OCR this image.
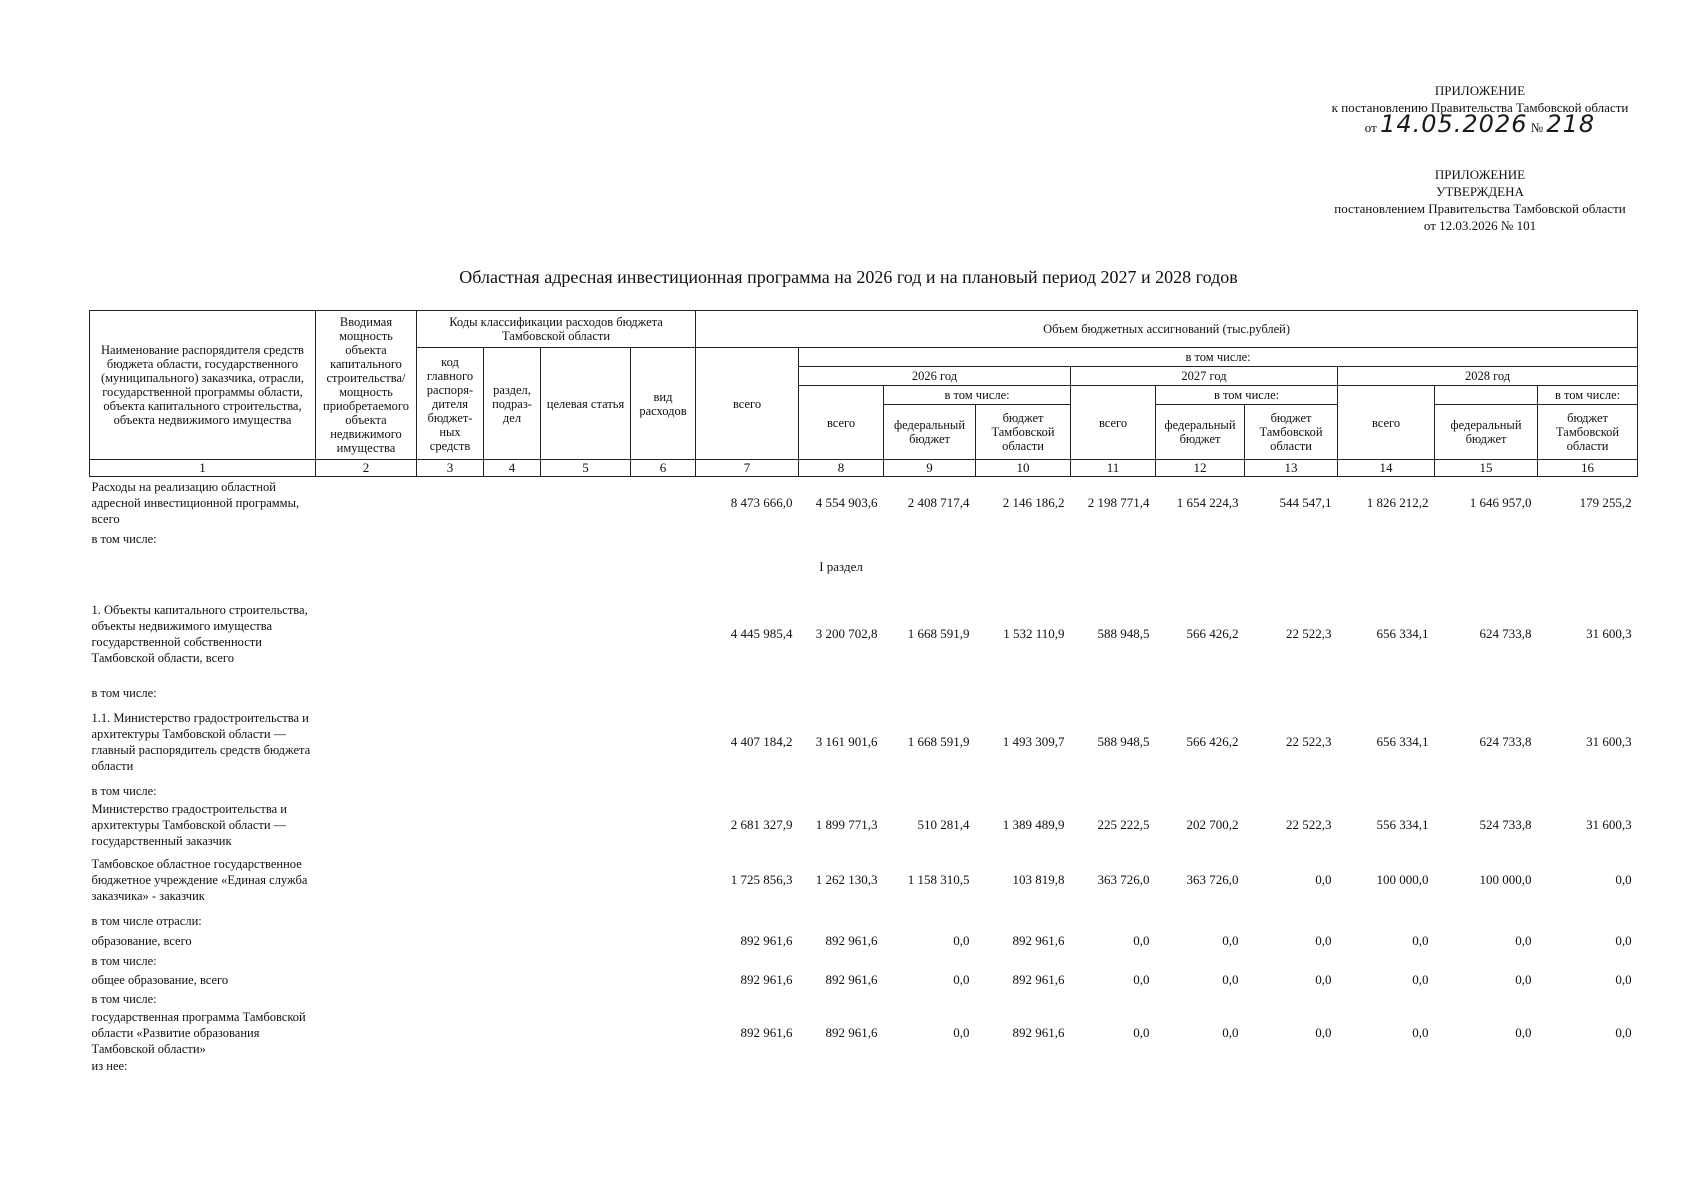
ПРИЛОЖЕНИЕ
к постановлению Правительства Тамбовской области
от 14.05.2026 № 218
ПРИЛОЖЕНИЕ
УТВЕРЖДЕНА
постановлением Правительства Тамбовской области
от 12.03.2026 № 101
Областная адресная инвестиционная программа на 2026 год и на плановый период 2027 и 2028 годов
Наименование распорядителя средств бюджета области, государственного (муниципального) заказчика, отрасли, государственной программы области, объекта капитального строительства, объекта недвижимого имущества	Вводимая мощность объекта капитального строительства/ мощность приобретаемого объекта недвижимого имущества	Коды классификации расходов бюджета Тамбовской области				Объем бюджетных ассигнований (тыс.рублей)									
		код главного распоря-дителя бюджет-ных средств	раздел, подраз-дел	целевая статья	вид расходов	всего	в том числе:								
							2026 год			2027 год			2028 год		
							всего	в том числе:		всего	в том числе:		всего		в том числе:
								федеральный бюджет	бюджет Тамбовской области		федеральный бюджет	бюджет Тамбовской области		федеральный бюджет	бюджет Тамбовской области
1	2	3	4	5	6	7	8	9	10	11	12	13	14	15	16
Расходы на реализацию областной адресной инвестиционной программы, всего						8 473 666,0	4 554 903,6	2 408 717,4	2 146 186,2	2 198 771,4	1 654 224,3	544 547,1	1 826 212,2	1 646 957,0	179 255,2
в том числе:															
							I раздел								
1. Объекты капитального строительства, объекты недвижимого имущества государственной собственности Тамбовской области, всего						4 445 985,4	3 200 702,8	1 668 591,9	1 532 110,9	588 948,5	566 426,2	22 522,3	656 334,1	624 733,8	31 600,3
в том числе:															
1.1. Министерство градостроительства и архитектуры Тамбовской области — главный распорядитель средств бюджета области						4 407 184,2	3 161 901,6	1 668 591,9	1 493 309,7	588 948,5	566 426,2	22 522,3	656 334,1	624 733,8	31 600,3
в том числе:															
Министерство градостроительства и архитектуры Тамбовской области — государственный заказчик						2 681 327,9	1 899 771,3	510 281,4	1 389 489,9	225 222,5	202 700,2	22 522,3	556 334,1	524 733,8	31 600,3
Тамбовское областное государственное бюджетное учреждение «Единая служба заказчика» - заказчик						1 725 856,3	1 262 130,3	1 158 310,5	103 819,8	363 726,0	363 726,0	0,0	100 000,0	100 000,0	0,0
в том числе отрасли:															
образование, всего						892 961,6	892 961,6	0,0	892 961,6	0,0	0,0	0,0	0,0	0,0	0,0
в том числе:															
общее образование, всего						892 961,6	892 961,6	0,0	892 961,6	0,0	0,0	0,0	0,0	0,0	0,0
в том числе:															
государственная программа Тамбовской области «Развитие образования Тамбовской области»						892 961,6	892 961,6	0,0	892 961,6	0,0	0,0	0,0	0,0	0,0	0,0
из нее:															
